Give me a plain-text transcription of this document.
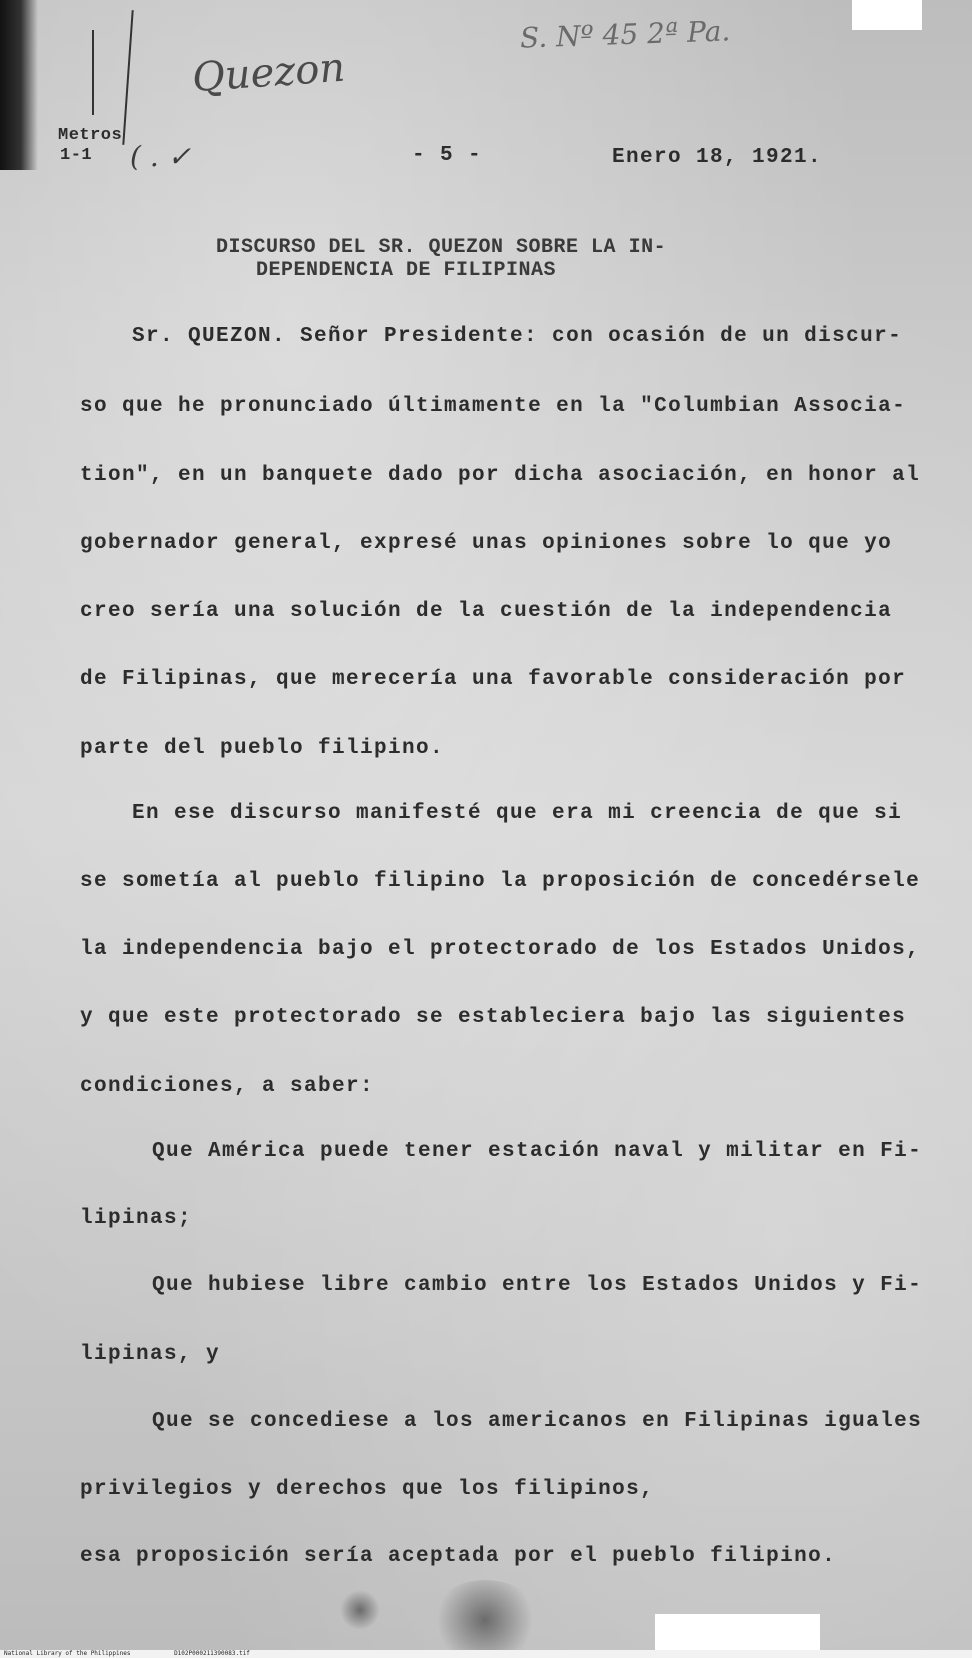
S. Nº 45 2ª Pa.
Quezon
( . ✓
Metros
1-1	- 5 -	Enero 18, 1921.
DISCURSO DEL SR. QUEZON SOBRE LA IN-
DEPENDENCIA DE FILIPINAS
Sr. QUEZON. Señor Presidente: con ocasión de un discur-
so que he pronunciado últimamente en la "Columbian Associa-
tion", en un banquete dado por dicha asociación, en honor al
gobernador general, expresé unas opiniones sobre lo que yo
creo sería una solución de la cuestión de la independencia
de Filipinas, que merecería una favorable consideración por
parte del pueblo filipino.
En ese discurso manifesté que era mi creencia de que si
se sometía al pueblo filipino la proposición de concedérsele
la independencia bajo el protectorado de los Estados Unidos,
y que este protectorado se estableciera bajo las siguientes
condiciones, a saber:
Que América puede tener estación naval y militar en Fi-
lipinas;
Que hubiese libre cambio entre los Estados Unidos y Fi-
lipinas, y
Que se concediese a los americanos en Filipinas iguales
privilegios y derechos que los filipinos,
esa proposición sería aceptada por el pueblo filipino.
National Library of the Philippines	D102P000211390083.tif
